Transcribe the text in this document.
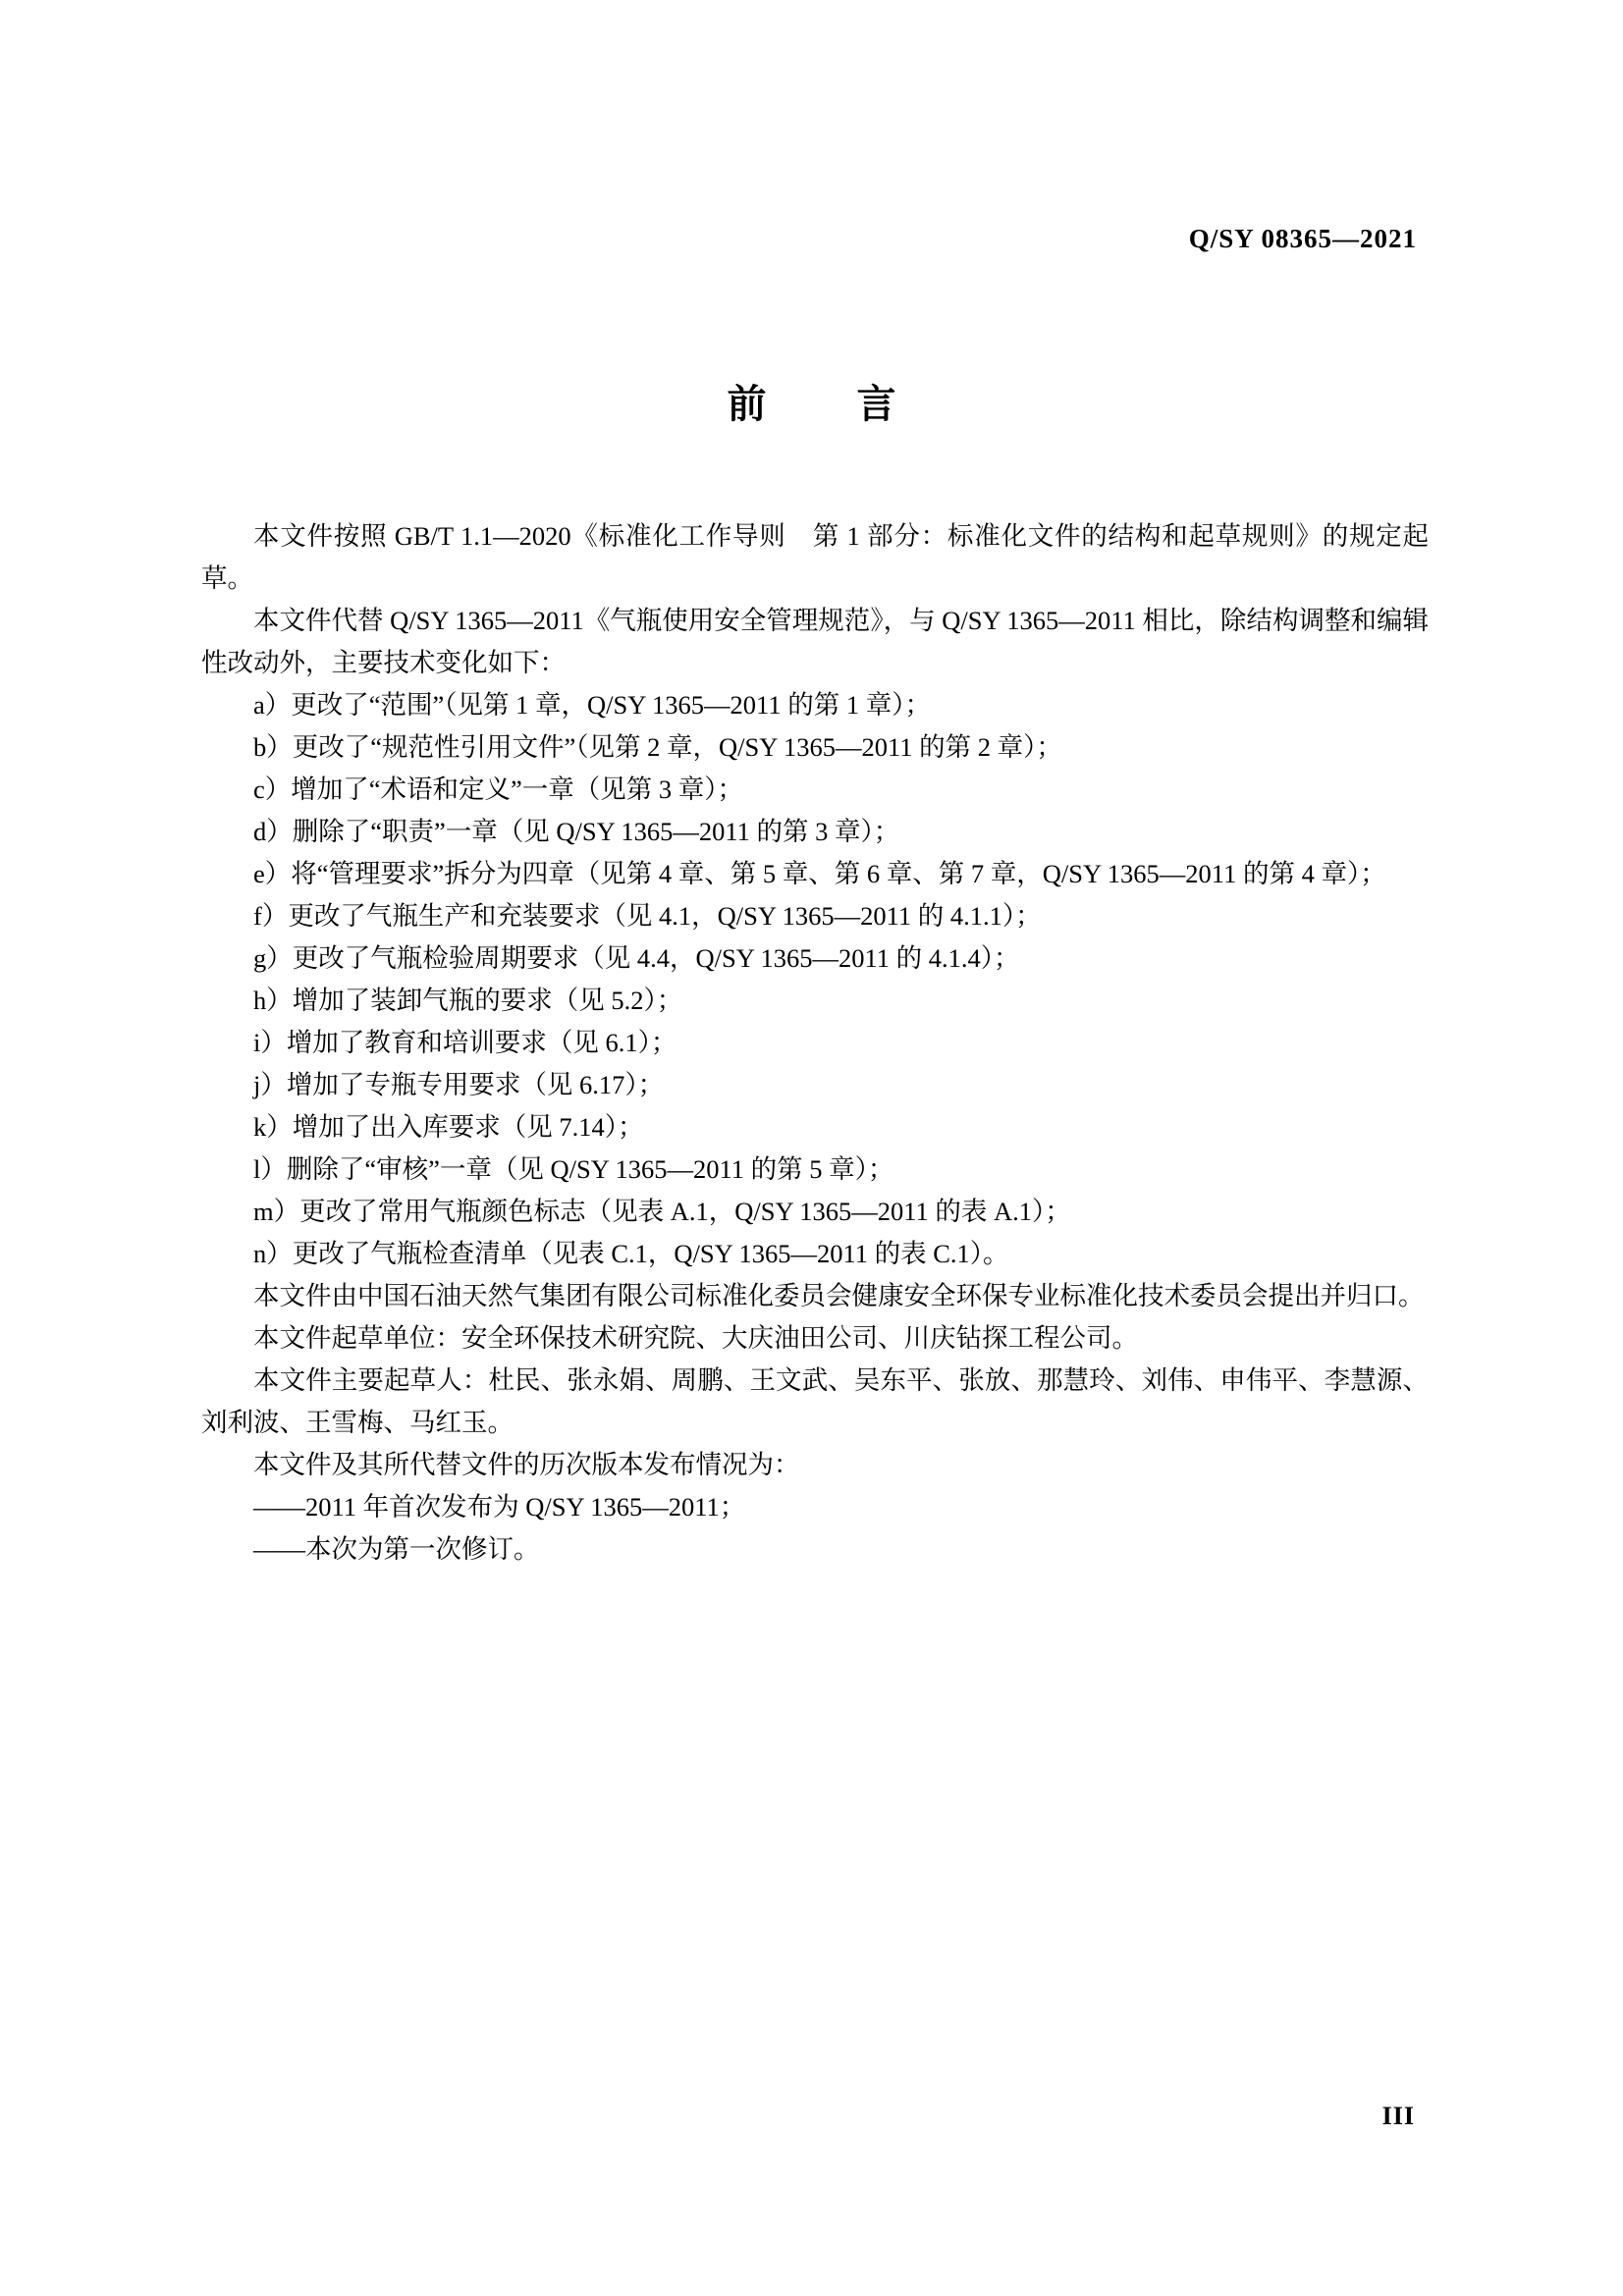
Q/SY 08365—2021
前　言

本文件按照 GB/T 1.1—2020《标准化工作导则　第 1 部分：标准化文件的结构和起草规则》的规定起草。

本文件代替 Q/SY 1365—2011《气瓶使用安全管理规范》，与 Q/SY 1365—2011 相比，除结构调整和编辑性改动外，主要技术变化如下：

a）更改了“范围”（见第 1 章，Q/SY 1365—2011 的第 1 章）；

b）更改了“规范性引用文件”（见第 2 章，Q/SY 1365—2011 的第 2 章）；

c）增加了“术语和定义”一章（见第 3 章）；

d）删除了“职责”一章（见 Q/SY 1365—2011 的第 3 章）；

e）将“管理要求”拆分为四章（见第 4 章、第 5 章、第 6 章、第 7 章，Q/SY 1365—2011 的第 4 章）；

f）更改了气瓶生产和充装要求（见 4.1，Q/SY 1365—2011 的 4.1.1）；

g）更改了气瓶检验周期要求（见 4.4，Q/SY 1365—2011 的 4.1.4）；

h）增加了装卸气瓶的要求（见 5.2）；

i）增加了教育和培训要求（见 6.1）；

j）增加了专瓶专用要求（见 6.17）；

k）增加了出入库要求（见 7.14）；

l）删除了“审核”一章（见 Q/SY 1365—2011 的第 5 章）；

m）更改了常用气瓶颜色标志（见表 A.1，Q/SY 1365—2011 的表 A.1）；

n）更改了气瓶检查清单（见表 C.1，Q/SY 1365—2011 的表 C.1）。

本文件由中国石油天然气集团有限公司标准化委员会健康安全环保专业标准化技术委员会提出并归口。

本文件起草单位：安全环保技术研究院、大庆油田公司、川庆钻探工程公司。

本文件主要起草人：杜民、张永娟、周鹏、王文武、吴东平、张放、那慧玲、刘伟、申伟平、李慧源、刘利波、王雪梅、马红玉。

本文件及其所代替文件的历次版本发布情况为：

——2011 年首次发布为 Q/SY 1365—2011；

——本次为第一次修订。

III
